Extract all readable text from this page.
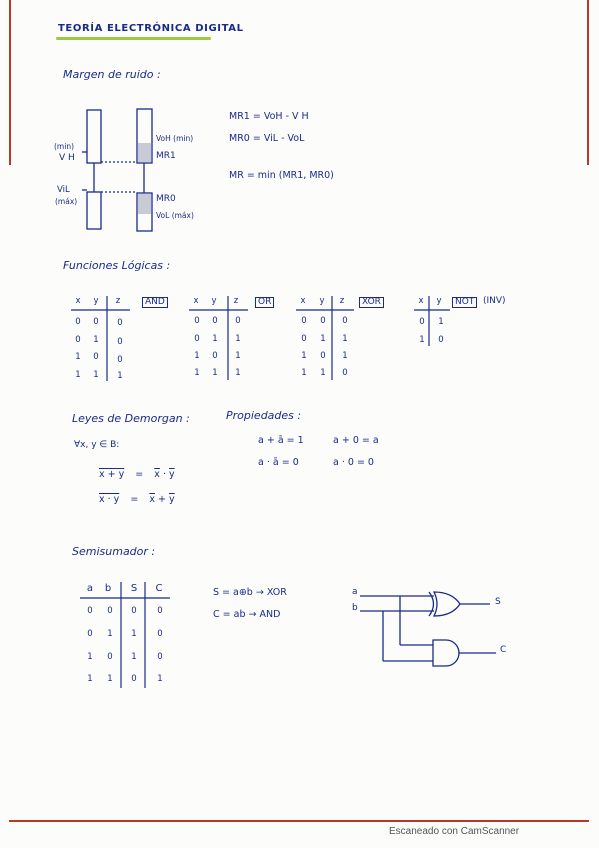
TEORÍA ELECTRÓNICA DIGITAL
Margen de ruido :
(min)
V H
ViL
(máx)
VoH (min)
MR1
MR0
VoL (máx)
MR1 = VoH - V H
MR0 = ViL - VoL
MR = min (MR1, MR0)
Funciones Lógicas :
x	y	z	AND
0	0	0
0	1	0
1	0	0
1	1	1
x	y	z	OR
0	0	0
0	1	1
1	0	1
1	1	1
x	y	z	XOR
0	0	0
0	1	1
1	0	1
1	1	0
x	y	NOT (INV)
0	1
1	0
Leyes de Demorgan :
∀x, y ∈ B:
$x + y = \overline{x} \cdot \overline{y}$
$x \cdot y = \overline{x} + \overline{y}$
Propiedades :
a + ā = 1	a + 0 = a
a · ā = 0	a · 0 = 0
Semisumador :
a b S C
0	0	0	0
0	1	1	0
1	0	1	0
1	1	0	1
S = a⊕b → XOR
C = ab → AND
a
b
S
C
Escaneado con CamScanner
